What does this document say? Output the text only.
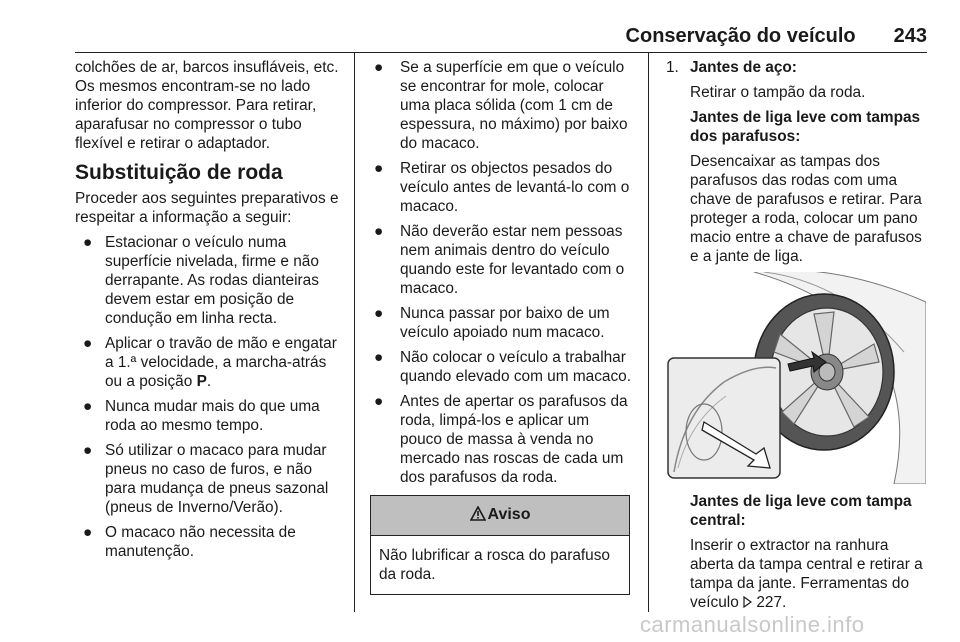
Conservação do veículo 243

colchões de ar, barcos insufláveis, etc. Os mesmos encontram-se no lado inferior do compressor. Para retirar, aparafusar no compressor o tubo flexível e retirar o adaptador.

Substituição de roda

Proceder aos seguintes preparativos e respeitar a informação a seguir:

● Estacionar o veículo numa superfície nivelada, firme e não derrapante. As rodas dianteiras devem estar em posição de condução em linha recta.
● Aplicar o travão de mão e engatar a 1.ª velocidade, a marcha-atrás ou a posição P.
● Nunca mudar mais do que uma roda ao mesmo tempo.
● Só utilizar o macaco para mudar pneus no caso de furos, e não para mudança de pneus sazonal (pneus de Inverno/Verão).
● O macaco não necessita de manutenção.
● Se a superfície em que o veículo se encontrar for mole, colocar uma placa sólida (com 1 cm de espessura, no máximo) por baixo do macaco.
● Retirar os objectos pesados do veículo antes de levantá-lo com o macaco.
● Não deverão estar nem pessoas nem animais dentro do veículo quando este for levantado com o macaco.
● Nunca passar por baixo de um veículo apoiado num macaco.
● Não colocar o veículo a trabalhar quando elevado com um macaco.
● Antes de apertar os parafusos da roda, limpá-los e aplicar um pouco de massa à venda no mercado nas roscas de cada um dos parafusos da roda.
Aviso
Não lubrificar a rosca do parafuso da roda.
1. Jantes de aço:

Retirar o tampão da roda.

Jantes de liga leve com tampas dos parafusos:

Desencaixar as tampas dos parafusos das rodas com uma chave de parafusos e retirar. Para proteger a roda, colocar um pano macio entre a chave de parafusos e a jante de liga.

Jantes de liga leve com tampa central:

Inserir o extractor na ranhura aberta da tampa central e retirar a tampa da jante. Ferramentas do veículo  227.

carmanualsonline.info
